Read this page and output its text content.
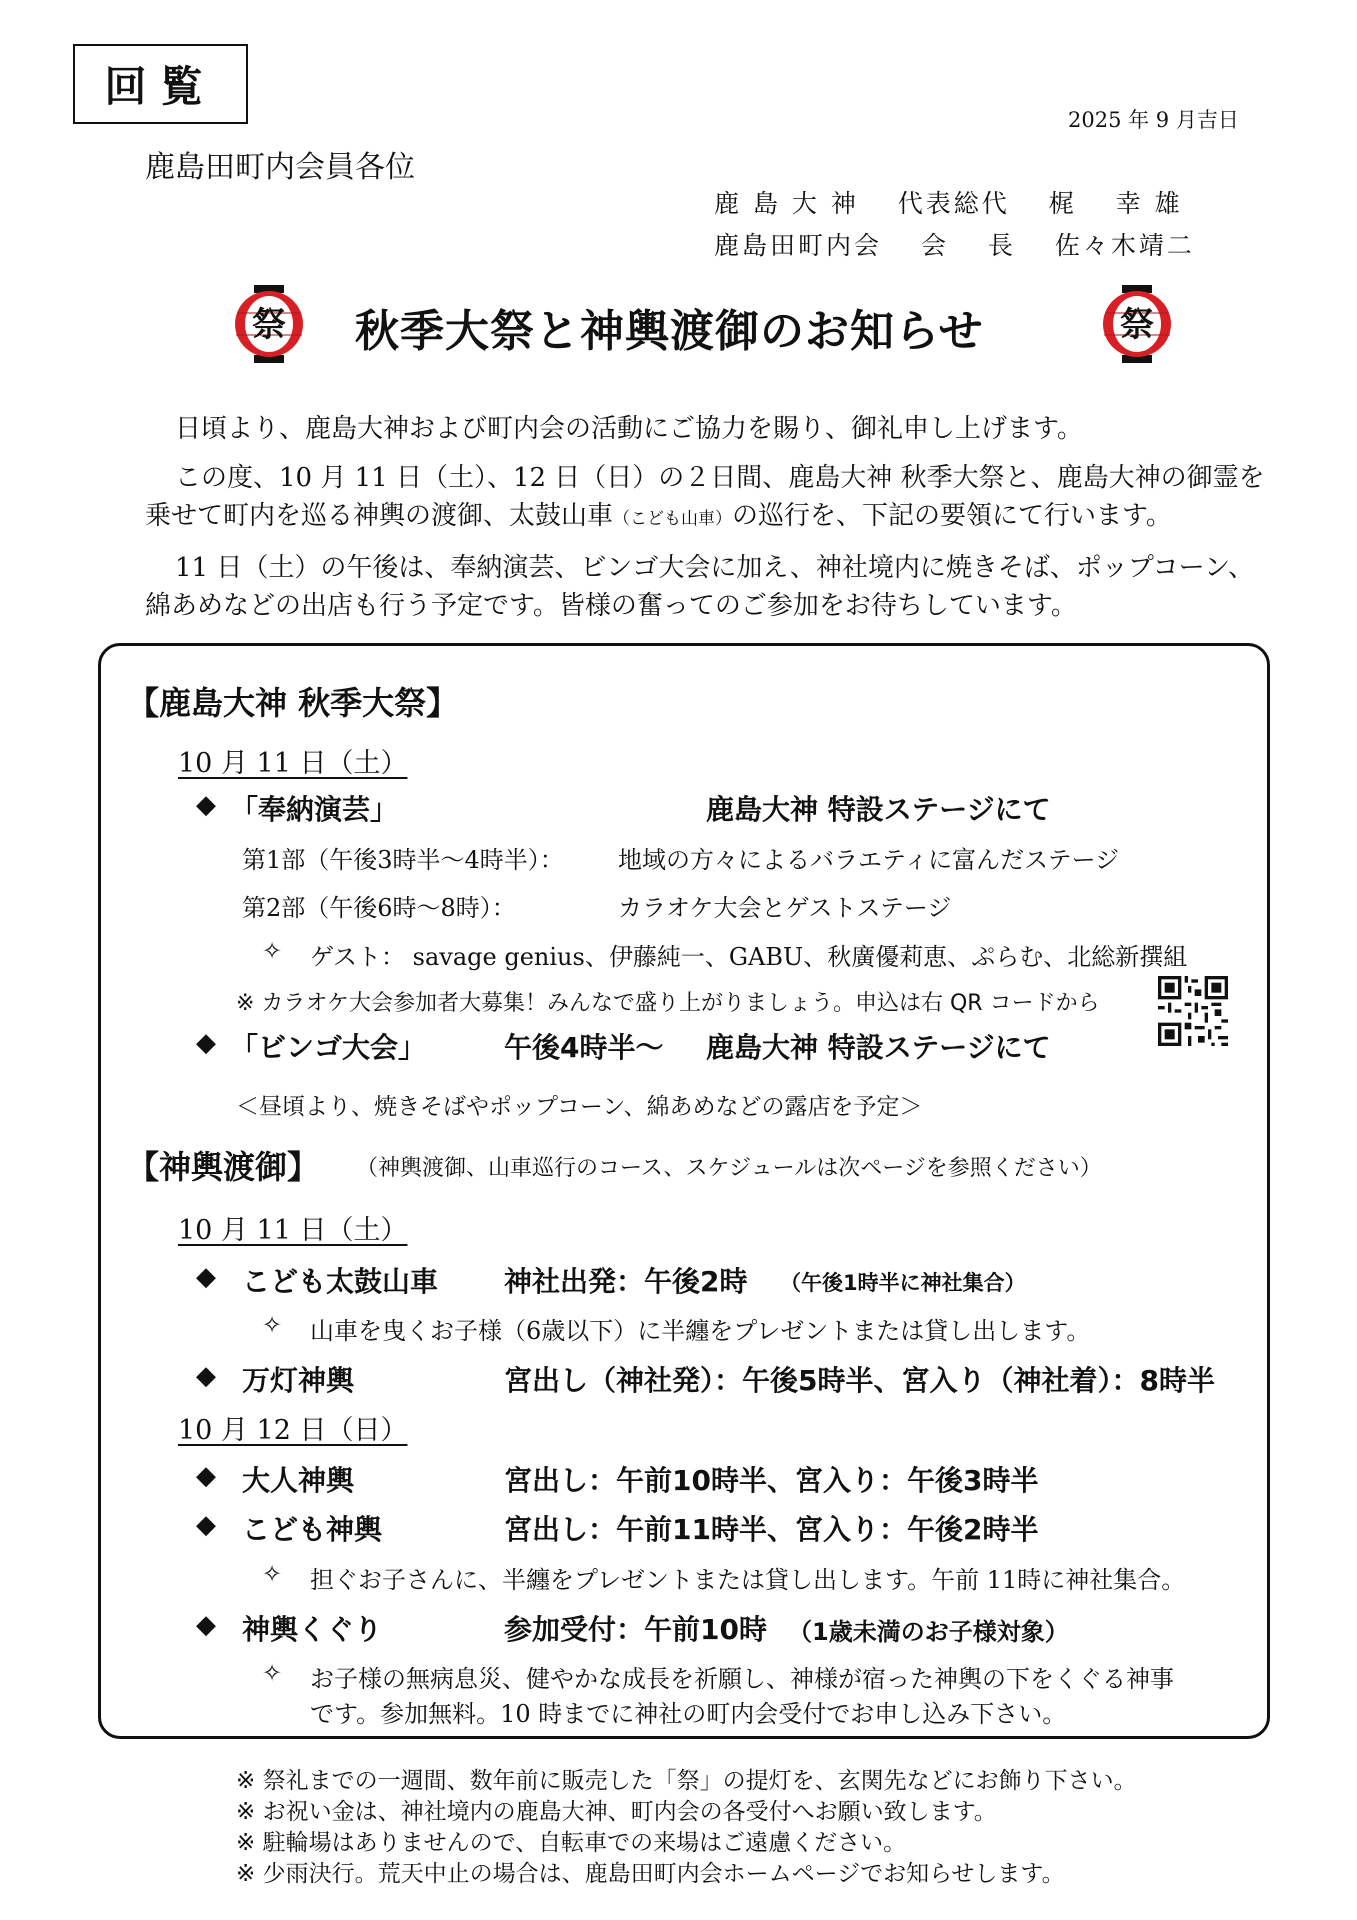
回覧
2025 年 9 月吉日
鹿島田町内会員各位
鹿 島 大 神　 代表総代　 梶　 幸 雄
鹿島田町内会　 会　 長　 佐々木靖二
祭	祭
秋季大祭と神輿渡御のお知らせ
日頃より、鹿島大神および町内会の活動にご協力を賜り、御礼申し上げます。
この度、10 月 11 日（土）、12 日（日）の２日間、鹿島大神 秋季大祭と、鹿島大神の御霊を乗せて町内を巡る神輿の渡御、太鼓山車（こども山車）の巡行を、下記の要領にて行います。
11 日（土）の午後は、奉納演芸、ビンゴ大会に加え、神社境内に焼きそば、ポップコーン、綿あめなどの出店も行う予定です。皆様の奮ってのご参加をお待ちしています。
【鹿島大神 秋季大祭】
10 月 11 日（土）
◆ 「奉納演芸」	鹿島大神 特設ステージにて
第1部（午後3時半～4時半）： 地域の方々によるバラエティに富んだステージ
第2部（午後6時～8時）：	カラオケ大会とゲストステージ
✧ ゲスト： savage genius、伊藤純一、GABU、秋廣優莉恵、ぷらむ、北総新撰組
※ カラオケ大会参加者大募集！みんなで盛り上がりましょう。申込は右 QR コードから
◆ 「ビンゴ大会」	午後4時半～ 鹿島大神 特設ステージにて
＜昼頃より、焼きそばやポップコーン、綿あめなどの露店を予定＞
【神輿渡御】 （神輿渡御、山車巡行のコース、スケジュールは次ページを参照ください）
10 月 11 日（土）
◆ こども太鼓山車 神社出発：午後2時 （午後1時半に神社集合）
✧ 山車を曳くお子様（6歳以下）に半纏をプレゼントまたは貸し出します。
◆ 万灯神輿	宮出し（神社発）：午後5時半、宮入り（神社着）：8時半
10 月 12 日（日）
◆ 大人神輿	宮出し：午前10時半、宮入り：午後3時半
◆ こども神輿	宮出し：午前11時半、宮入り：午後2時半
✧ 担ぐお子さんに、半纏をプレゼントまたは貸し出します。午前 11時に神社集合。
◆ 神輿くぐり	参加受付：午前10時 （1歳未満のお子様対象）
✧ お子様の無病息災、健やかな成長を祈願し、神様が宿った神輿の下をくぐる神事
です。参加無料。10 時までに神社の町内会受付でお申し込み下さい。
※ 祭礼までの一週間、数年前に販売した「祭」の提灯を、玄関先などにお飾り下さい。
※ お祝い金は、神社境内の鹿島大神、町内会の各受付へお願い致します。
※ 駐輪場はありませんので、自転車での来場はご遠慮ください。
※ 少雨決行。荒天中止の場合は、鹿島田町内会ホームページでお知らせします。
